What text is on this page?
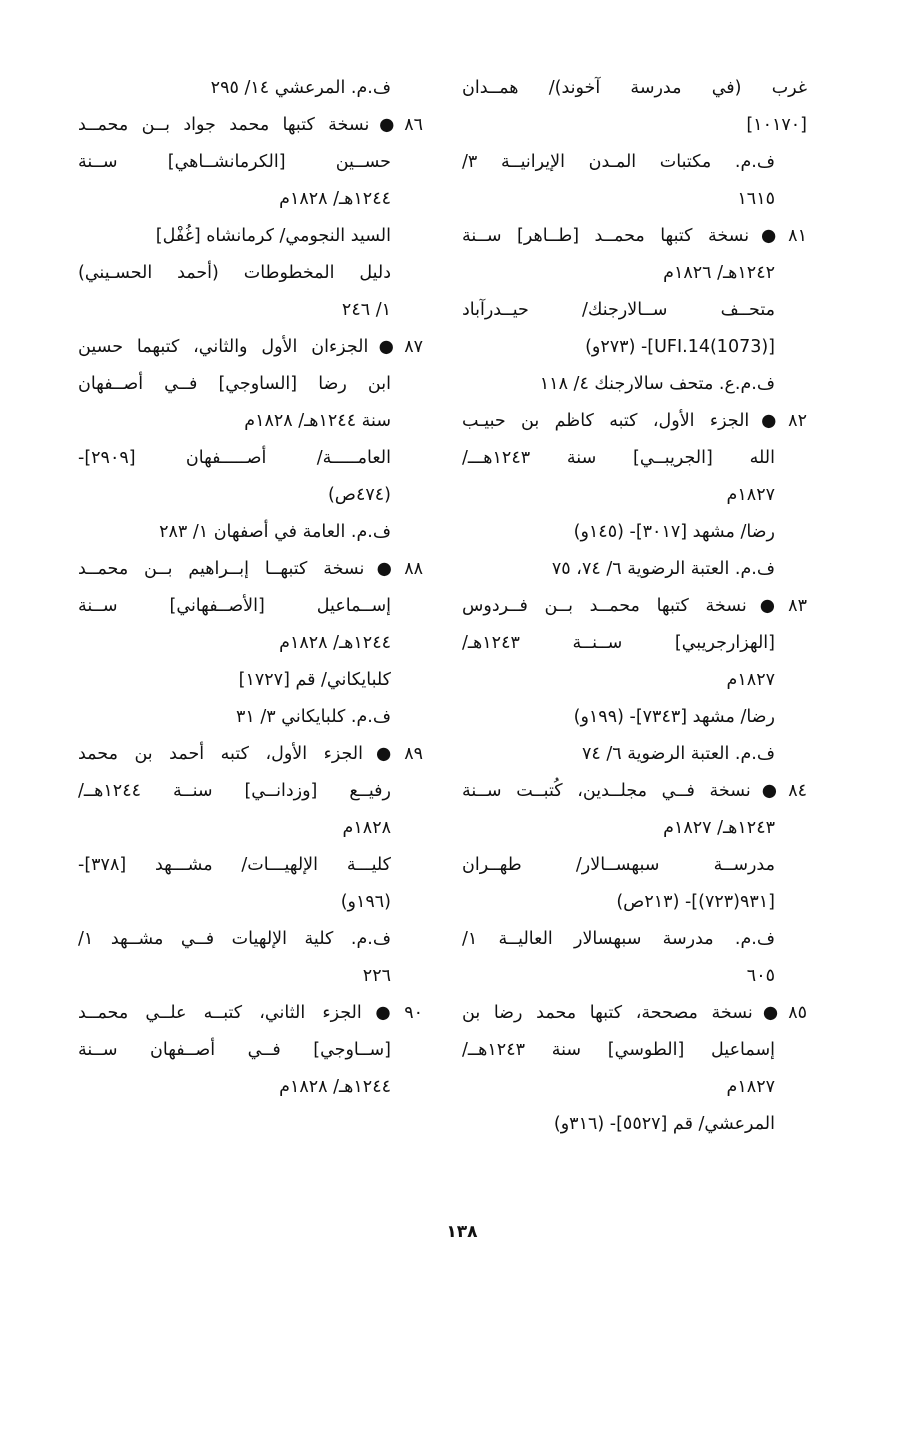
غرب (في مدرسة آخوند)/ همــدان
[١٠١٧٠]
ف.م. مكتبات المـدن الإيرانيــة ٣/
١٦١٥
٨١●نسخة كتبها محمــد [طــاهر] ســنة
١٢٤٢هـ/ ١٨٢٦م
متحــف ســالارجنك/ حيــدرآباد
[UFI.14(1073)]- (٢٧٣و)
ف.م.ع. متحف سالارجنك ٤/ ١١٨
٨٢●الجزء الأول، كتبه كاظم بن حبيـب
الله [الجريبــي] سنة ١٢٤٣هـــ/
١٨٢٧م
رضا/ مشهد [٣٠١٧]- (١٤٥و)
ف.م. العتبة الرضوية ٦/ ٧٤، ٧٥
٨٣●نسخة كتبها محمــد بــن فــردوس
[الهزارجريبي] ســنــة ١٢٤٣هـ/
١٨٢٧م
رضا/ مشهد [٧٣٤٣]- (١٩٩و)
ف.م. العتبة الرضوية ٦/ ٧٤
٨٤●نسخة فــي مجلــدين، كُتبــت ســنة
١٢٤٣هـ/ ١٨٢٧م
مدرســة سبهســالار/ طهــران
[٩٣١(٧٢٣)]- (٢١٣ص)
ف.م. مدرسة سبهسالار العاليــة ١/
٦٠٥
٨٥●نسخة مصححة، كتبها محمد رضا بن
إسماعيل [الطوسي] سنة ١٢٤٣هــ/
١٨٢٧م
المرعشي/ قم [٥٥٢٧]- (٣١٦و)
ف.م. المرعشي ١٤/ ٢٩٥
٨٦●نسخة كتبها محمد جواد بــن محمــد
حســين [الكرمانشــاهي] ســنة
١٢٤٤هـ/ ١٨٢٨م
السيد النجومي/ كرمانشاه [غُفْل]
دليل المخطوطات (أحمد الحسـيني)
١/ ٢٤٦
٨٧●الجزءان الأول والثاني، كتبهما حسين
ابن رضا [الساوجي] فــي أصــفهان
سنة ١٢٤٤هـ/ ١٨٢٨م
العامـــــة/ أصـــــفهان [٢٩٠٩]-
(٤٧٤ص)
ف.م. العامة في أصفهان ١/ ٢٨٣
٨٨●نسخة كتبهــا إبــراهيم بــن محمــد
إســماعيل [الأصــفهاني] ســنة
١٢٤٤هـ/ ١٨٢٨م
كلبايكاني/ قم [١٧٢٧]
ف.م. كلبايكاني ٣/ ٣١
٨٩●الجزء الأول، كتبه أحمد بن محمد
رفيــع [وزدانــي] سنــة ١٢٤٤هــ/
١٨٢٨م
كليـــة الإلهيـــات/ مشـــهد [٣٧٨]-
(١٩٦و)
ف.م. كلية الإلهيات فــي مشــهد ١/
٢٢٦
٩٠●الجزء الثاني، كتبــه علــي محمــد
[ســاوجي] فــي أصــفهان ســنة
١٢٤٤هـ/ ١٨٢٨م
١٣٨
